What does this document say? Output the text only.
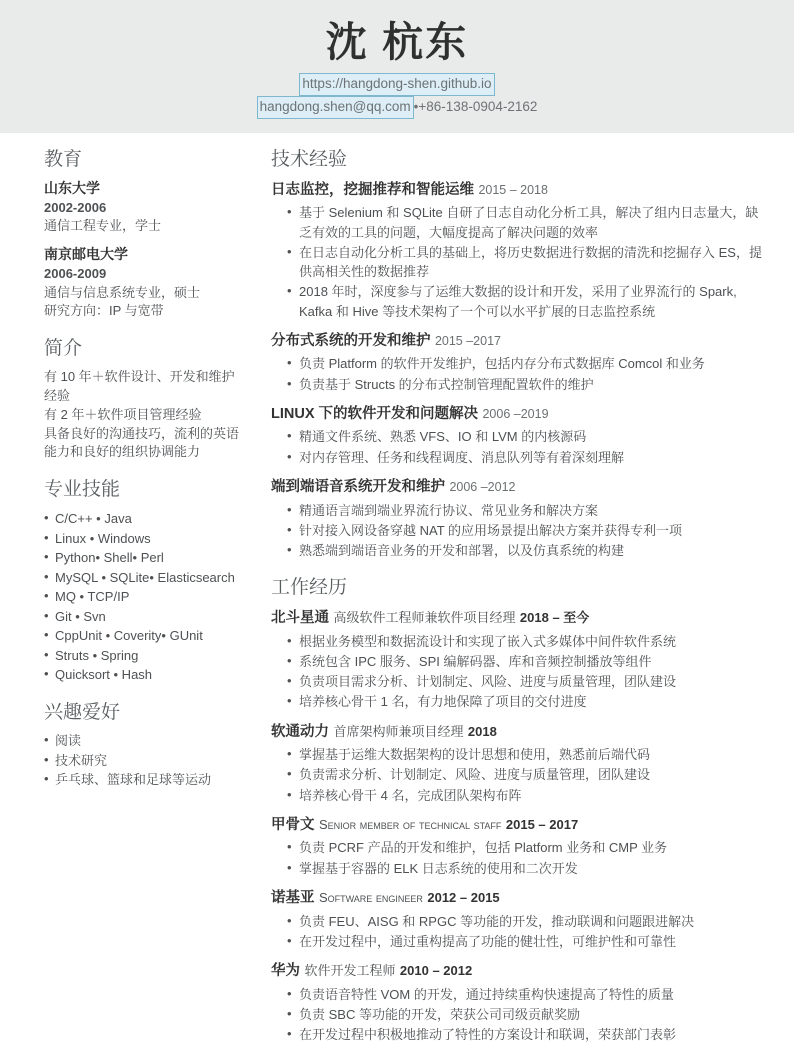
沈 杭东
https://hangdong-shen.github.io
hangdong.shen@qq.com •+86-138-0904-2162
教育

山东大学

2002-2006

通信工程专业，学士

南京邮电大学

2006-2009

通信与信息系统专业，硕士

研究方向：IP 与宽带

简介

有 10 年＋软件设计、开发和维护经验

有 2 年＋软件项目管理经验

具备良好的沟通技巧，流利的英语能力和良好的组织协调能力

专业技能
• C/C++ • Java
• Linux • Windows
• Python• Shell• Perl
• MySQL • SQLite• Elasticsearch
• MQ • TCP/IP
• Git • Svn
• CppUnit • Coverity• GUnit
• Struts • Spring
• Quicksort • Hash
兴趣爱好
• 阅读
• 技术研究
• 乒乓球、篮球和足球等运动
技术经验

日志监控，挖掘推荐和智能运维 2015 – 2018

• 基于 Selenium 和 SQLite 自研了日志自动化分析工具，解决了组内日志量大，缺乏有效的工具的问题，大幅度提高了解决问题的效率
• 在日志自动化分析工具的基础上，将历史数据进行数据的清洗和挖掘存入 ES，提供高相关性的数据推荐
• 2018 年时，深度参与了运维大数据的设计和开发，采用了业界流行的 Spark, Kafka 和 Hive 等技术架构了一个可以水平扩展的日志监控系统

分布式系统的开发和维护 2015 –2017

• 负责 Platform 的软件开发维护，包括内存分布式数据库 Comcol 和业务
• 负责基于 Structs 的分布式控制管理配置软件的维护

LINUX 下的软件开发和问题解决 2006 –2019

• 精通文件系统、熟悉 VFS、IO 和 LVM 的内核源码
• 对内存管理、任务和线程调度、消息队列等有着深刻理解

端到端语音系统开发和维护 2006 –2012

• 精通语言端到端业界流行协议、常见业务和解决方案
• 针对接入网设备穿越 NAT 的应用场景提出解决方案并获得专利一项
• 熟悉端到端语音业务的开发和部署，以及仿真系统的构建
工作经历

北斗星通 高级软件工程师兼软件项目经理 2018 – 至今

• 根据业务模型和数据流设计和实现了嵌入式多媒体中间件软件系统
• 系统包含 IPC 服务、SPI 编解码器、库和音频控制播放等组件
• 负责项目需求分析、计划制定、风险、进度与质量管理，团队建设
• 培养核心骨干 1 名，有力地保障了项目的交付进度

软通动力 首席架构师兼项目经理 2018

• 掌握基于运维大数据架构的设计思想和使用，熟悉前后端代码
• 负责需求分析、计划制定、风险、进度与质量管理，团队建设
• 培养核心骨干 4 名，完成团队架构布阵

甲骨文 Senior member of technical staff 2015 – 2017

• 负责 PCRF 产品的开发和维护，包括 Platform 业务和 CMP 业务
• 掌握基于容器的 ELK 日志系统的使用和二次开发

诺基亚 Software engineer 2012 – 2015

• 负责 FEU、AISG 和 RPGC 等功能的开发，推动联调和问题跟进解决
• 在开发过程中，通过重构提高了功能的健壮性，可维护性和可靠性

华为 软件开发工程师 2010 – 2012

• 负责语音特性 VOM 的开发，通过持续重构快速提高了特性的质量
• 负责 SBC 等功能的开发，荣获公司司级贡献奖励
• 在开发过程中积极地推动了特性的方案设计和联调，荣获部门表彰
